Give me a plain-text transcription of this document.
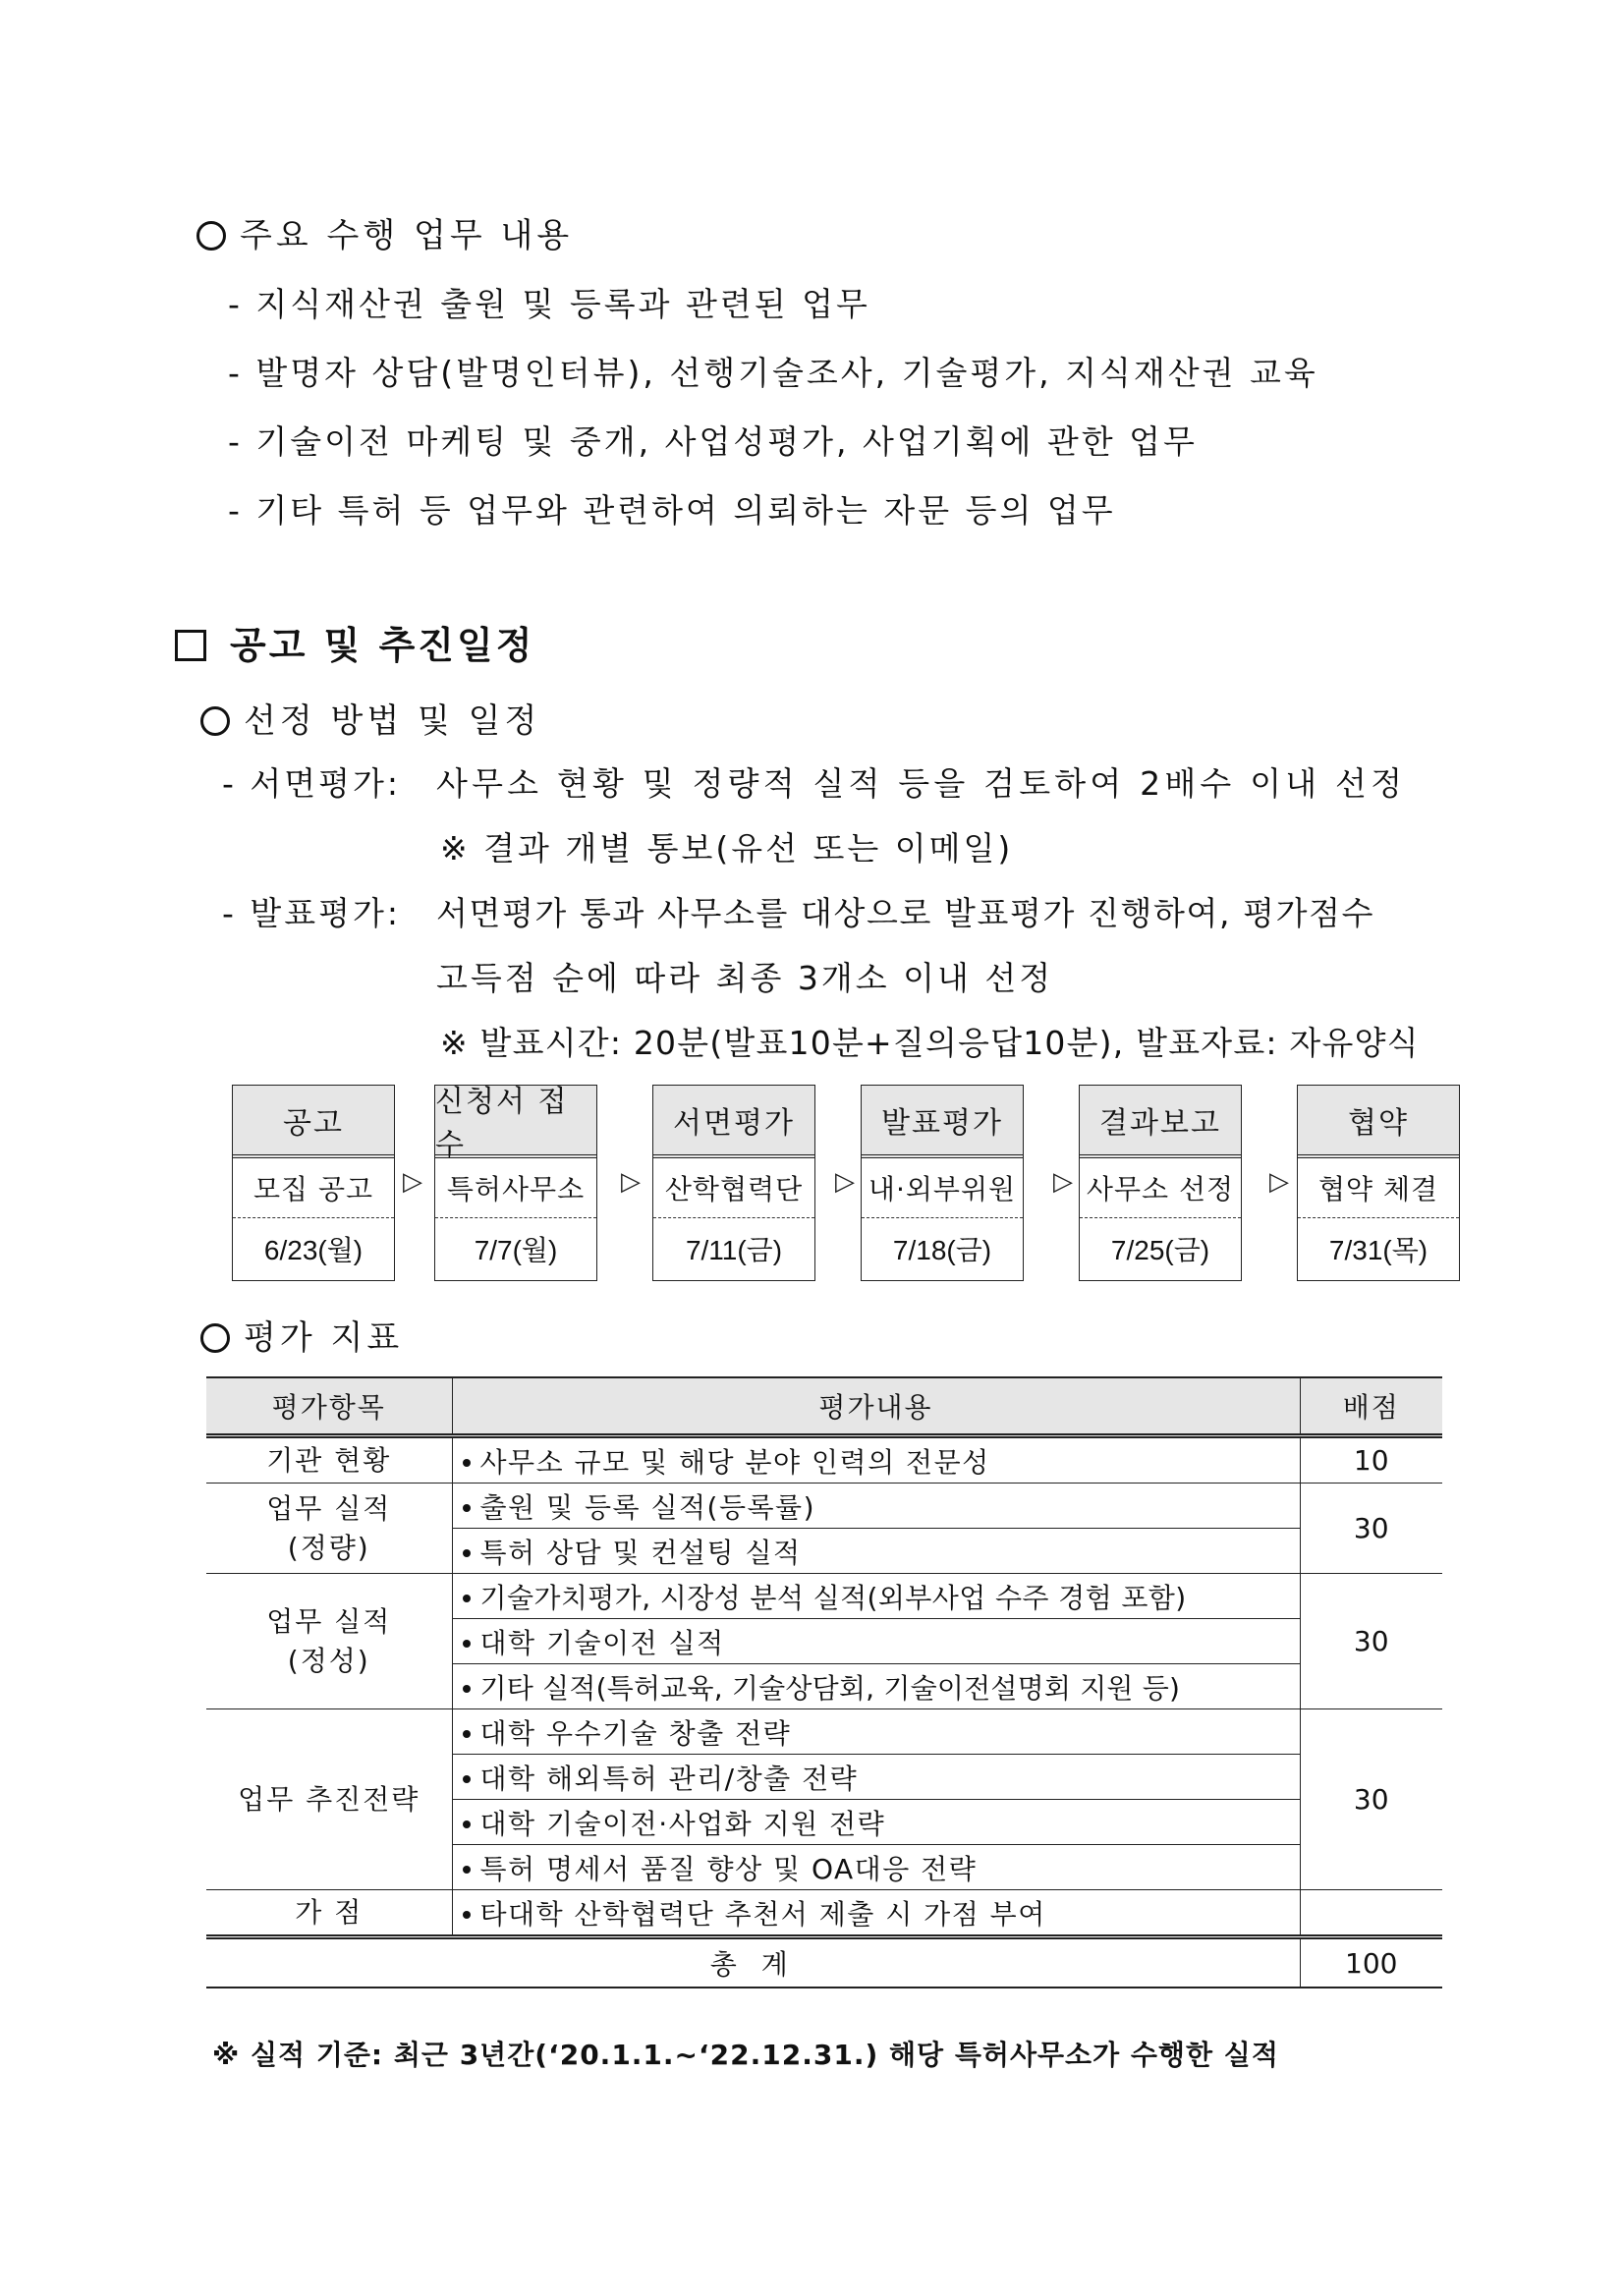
주요 수행 업무 내용
- 지식재산권 출원 및 등록과 관련된 업무
- 발명자 상담(발명인터뷰), 선행기술조사, 기술평가, 지식재산권 교육
- 기술이전 마케팅 및 중개, 사업성평가, 사업기획에 관한 업무
- 기타 특허 등 업무와 관련하여 의뢰하는 자문 등의 업무
공고 및 추진일정
선정 방법 및 일정
- 서면평가: 사무소 현황 및 정량적 실적 등을 검토하여 2배수 이내 선정
※ 결과 개별 통보(유선 또는 이메일)
- 발표평가: 서면평가 통과 사무소를 대상으로 발표평가 진행하여, 평가점수
고득점 순에 따라 최종 3개소 이내 선정
※ 발표시간: 20분(발표10분+질의응답10분), 발표자료: 자유양식
공고
모집 공고
6/23(월)
▷
신청서 접수
특허사무소
7/7(월)
▷
서면평가
산학협력단
7/11(금)
▷
발표평가
내·외부위원
7/18(금)
▷
결과보고
사무소 선정
7/25(금)
▷
협약
협약 체결
7/31(목)
평가 지표
평가항목	평가내용	배점
기관 현황	사무소 규모 및 해당 분야 인력의 전문성	10

업무 실적
(정량)	출원 및 등록 실적(등록률)	30
	특허 상담 및 컨설팅 실적	

업무 실적
(정성)	기술가치평가, 시장성 분석 실적(외부사업 수주 경험 포함)	30
	대학 기술이전 실적	
	기타 실적(특허교육, 기술상담회, 기술이전설명회 지원 등)	
업무 추진전략	대학 우수기술 창출 전략	30
	대학 해외특허 관리/창출 전략	
	대학 기술이전·사업화 지원 전략	
	특허 명세서 품질 향상 및 OA대응 전략	
가 점	타대학 산학협력단 추천서 제출 시 가점 부여	
총 계		100
※ 실적 기준: 최근 3년간(‘20.1.1.~‘22.12.31.) 해당 특허사무소가 수행한 실적
